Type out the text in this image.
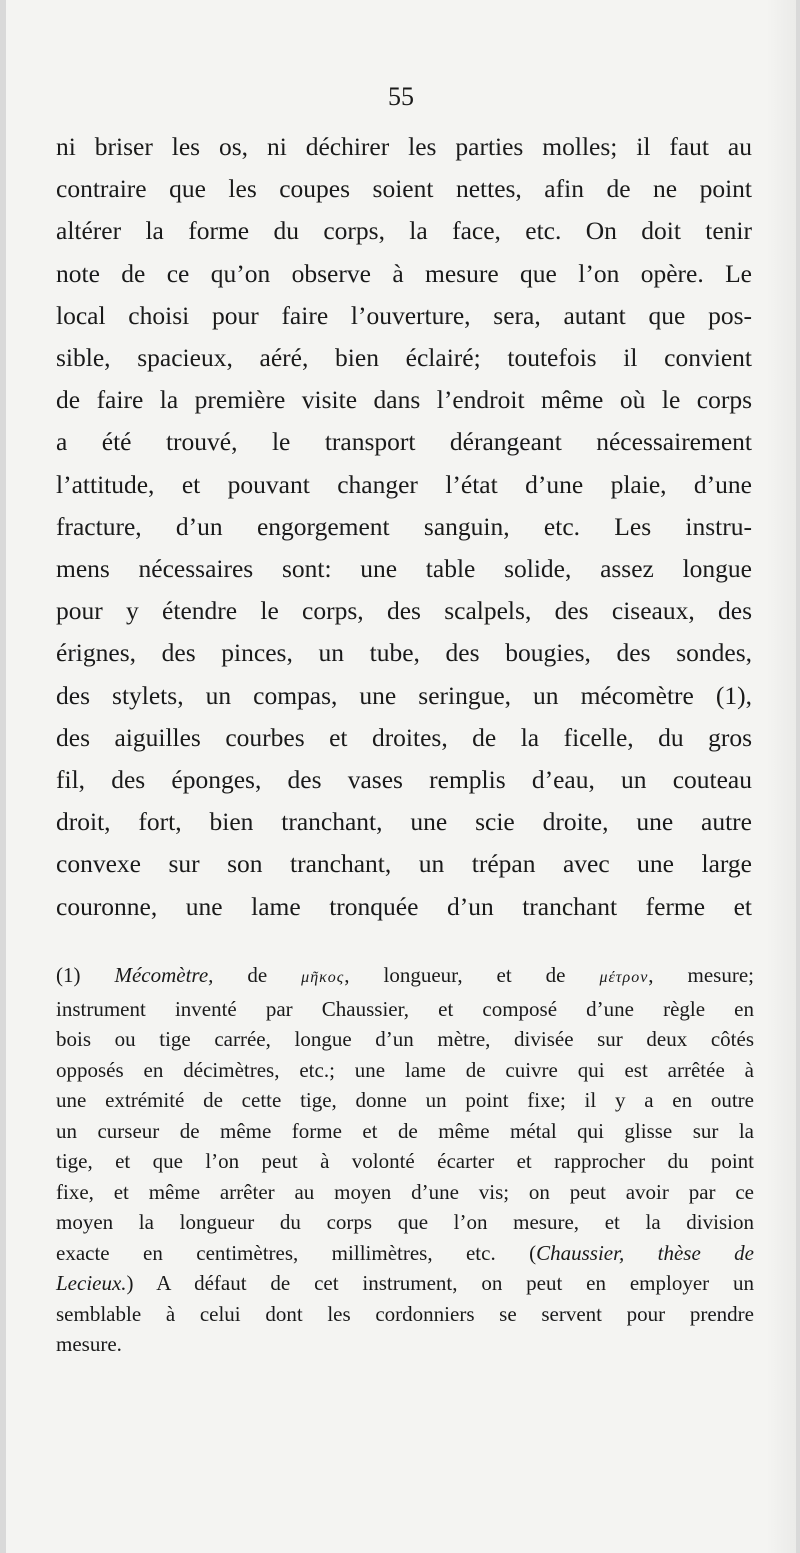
55
ni briser les os, ni déchirer les parties molles; il faut au
contraire que les coupes soient nettes, afin de ne point
altérer la forme du corps, la face, etc. On doit tenir
note de ce qu’on observe à mesure que l’on opère. Le
local choisi pour faire l’ouverture, sera, autant que pos-
sible, spacieux, aéré, bien éclairé; toutefois il convient
de faire la première visite dans l’endroit même où le corps
a été trouvé, le transport dérangeant nécessairement
l’attitude, et pouvant changer l’état d’une plaie, d’une
fracture, d’un engorgement sanguin, etc. Les instru-
mens nécessaires sont: une table solide, assez longue
pour y étendre le corps, des scalpels, des ciseaux, des
érignes, des pinces, un tube, des bougies, des sondes,
des stylets, un compas, une seringue, un mécomètre (1),
des aiguilles courbes et droites, de la ficelle, du gros
fil, des éponges, des vases remplis d’eau, un couteau
droit, fort, bien tranchant, une scie droite, une autre
convexe sur son tranchant, un trépan avec une large
couronne, une lame tronquée d’un tranchant ferme et
(1) Mécomètre, de μῆκος, longueur, et de μέτρον, mesure;
instrument inventé par Chaussier, et composé d’une règle en
bois ou tige carrée, longue d’un mètre, divisée sur deux côtés
opposés en décimètres, etc.; une lame de cuivre qui est arrêtée à
une extrémité de cette tige, donne un point fixe; il y a en outre
un curseur de même forme et de même métal qui glisse sur la
tige, et que l’on peut à volonté écarter et rapprocher du point
fixe, et même arrêter au moyen d’une vis; on peut avoir par ce
moyen la longueur du corps que l’on mesure, et la division
exacte en centimètres, millimètres, etc. (Chaussier, thèse de
Lecieux.) A défaut de cet instrument, on peut en employer un
semblable à celui dont les cordonniers se servent pour prendre
mesure.
